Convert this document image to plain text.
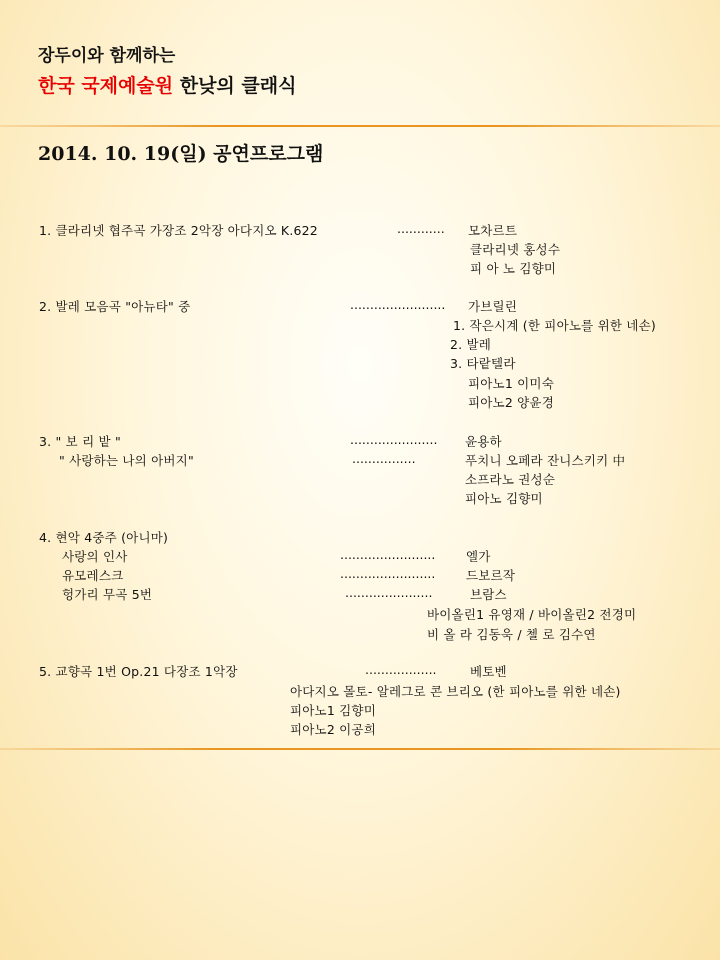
장두이와 함께하는
한국 국제예술원 한낮의 클래식
2014. 10. 19(일) 공연프로그램
1. 클라리넷 협주곡 가장조 2악장 아다지오 K.622	............ 모차르트
클라리넷 홍성수
피 아 노 김향미
2. 발레 모음곡 "아뉴타" 중	........................ 가브릴린
1. 작은시계 (한 피아노를 위한 네손)
2. 발레
3. 타랕텔라
피아노1 이미숙
피아노2 양윤경
3. " 보 리 밭 "	...................... 윤용하
" 사랑하는 나의 아버지"	................	푸치니 오페라 잔니스키키 中
소프라노 권성순
피아노 김향미
4. 현악 4중주 (아니마)
사랑의 인사	........................ 엘가
유모레스크	........................ 드보르작
헝가리 무곡 5번	......................	브람스
바이올린1 유영재 / 바이올린2 전경미
비 올 라 김동욱 / 첼 로 김수연
5. 교향곡 1번 Op.21 다장조 1악장	..................	베토벤
아다지오 몰토- 알레그로 콘 브리오 (한 피아노를 위한 네손)
피아노1 김향미
피아노2 이공희
